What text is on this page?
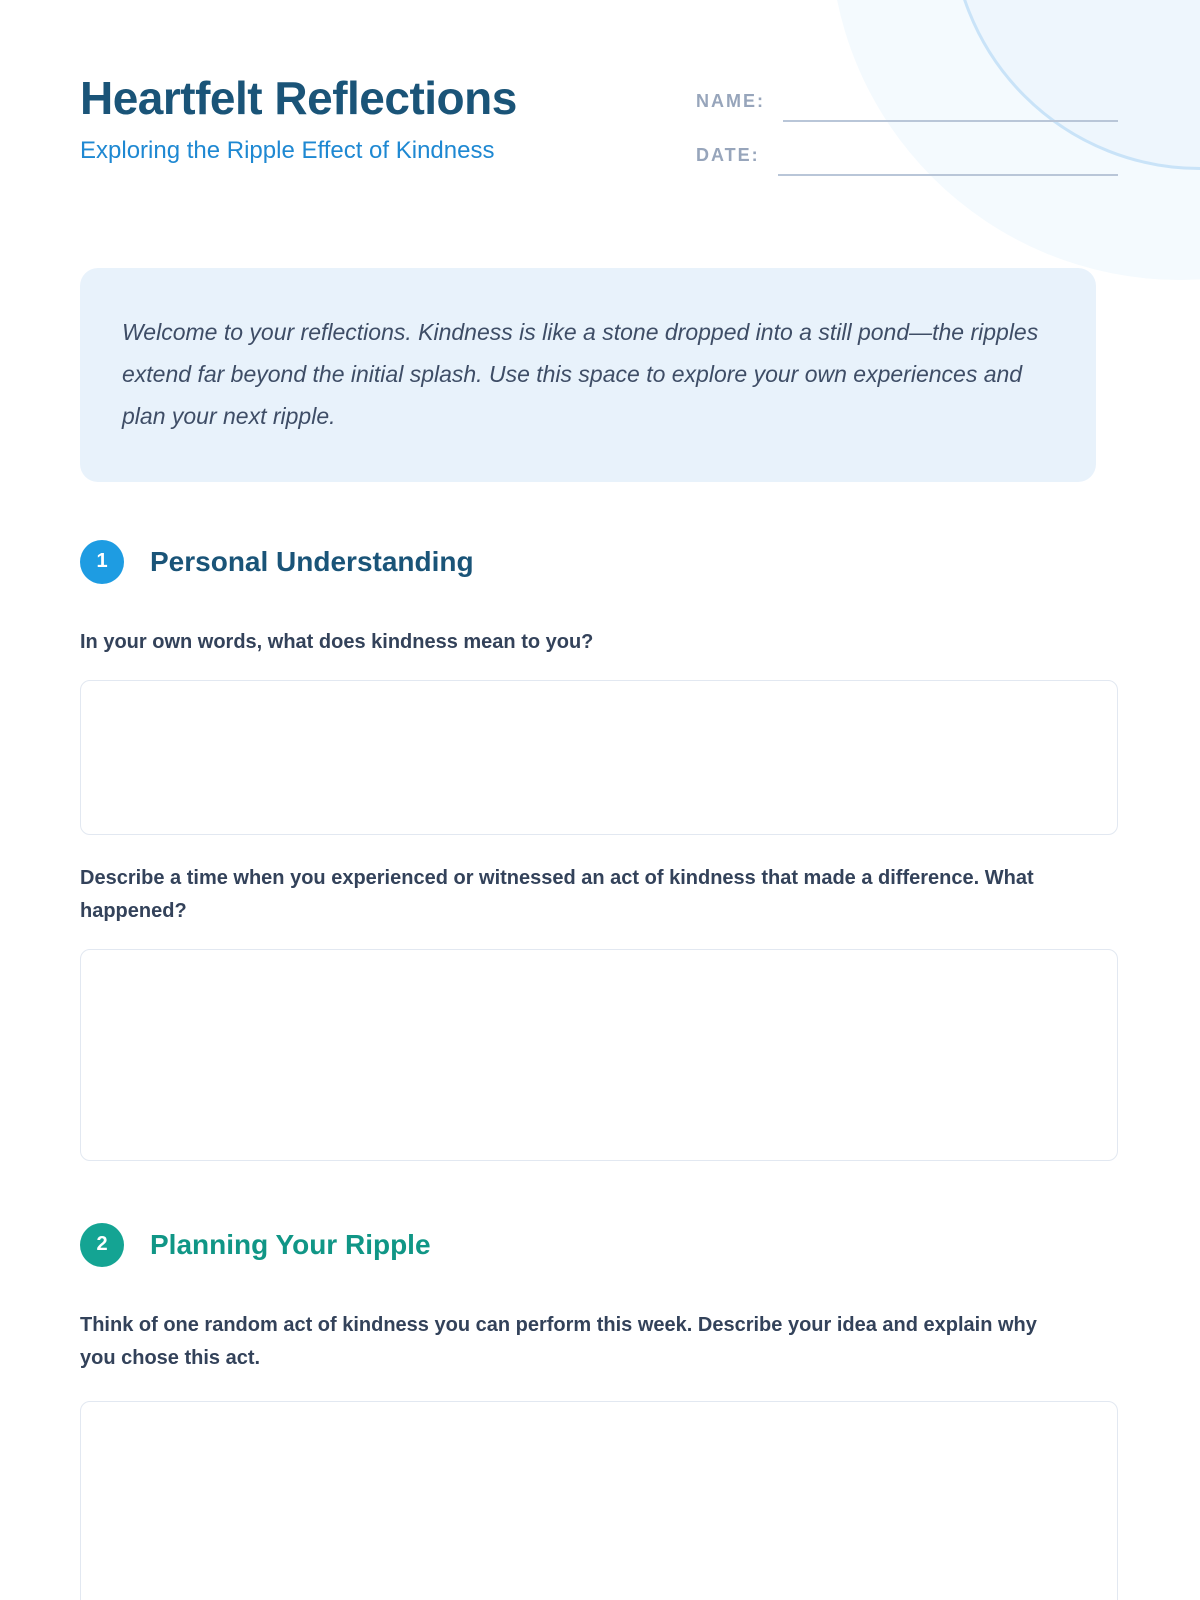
Heartfelt Reflections
Exploring the Ripple Effect of Kindness
NAME:
DATE:

Welcome to your reflections. Kindness is like a stone dropped into a still pond—the ripples extend far beyond the initial splash. Use this space to explore your own experiences and plan your next ripple.

1	Personal Understanding

In your own words, what does kindness mean to you?

Describe a time when you experienced or witnessed an act of kindness that made a difference. What happened?

2	Planning Your Ripple

Think of one random act of kindness you can perform this week. Describe your idea and explain why you chose this act.
